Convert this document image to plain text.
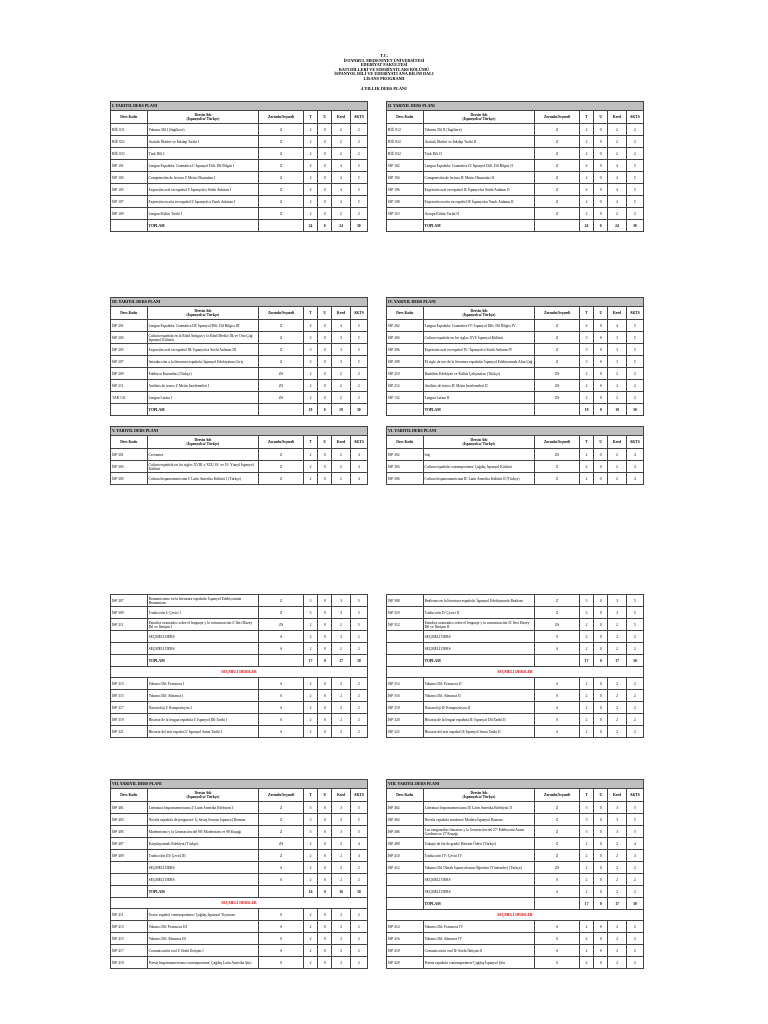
T.C.
İSTANBUL MEDENİYET ÜNİVERSİTESİ
EDEBİYAT FAKÜLTESİ
BATI DİLLERİ VE EDEBİYATLARI BÖLÜMÜ
İSPANYOL DİLİ VE EDEBİYATI ANA BİLİM DALI
LİSANS PROGRAMI
4 YILLIK DERS PLANI
I. YARIYIL DERS PLANI						
Ders Kodu	Dersin Adı
(İspanyolca/ Türkçe)	Zorunlu/Seçmeli	T	U	Kred	AKTS
BİÜ 011	Yabancı Dil I (İngilizce)	Z	2	0	2	2
BİÜ 021	Atatürk İlkeleri ve İnkılap Tarihi I	Z	2	0	2	2
BİÜ 031	Türk Dili I	Z	2	0	2	2
İSP 101	Lengua Española: Gramática I/ İspanyol Dili: Dil Bilgisi I	Z	4	0	4	5
İSP 103	Comprensión de lectura I/ Metin Okumaları I	Z	4	0	4	5
İSP 105	Expresión oral en español I/ İspanyolca Sözlü Anlatım I	Z	4	0	4	5
İSP 107	Expresión escrita en español I/ İspanyolca Yazılı Anlatım I	Z	4	0	4	5
İSP 109	Lengua Kültür Tarihi I	Z	2	0	2	2
	TOPLAM		24	0	24	30
II. YARIYIL DERS PLANI						
Ders Kodu	Dersin Adı
(İspanyolca/ Türkçe)	Zorunlu/Seçmeli	T	U	Kred	AKTS
BİÜ 012	Yabancı Dil II (İngilizce)	Z	2	0	2	2
BİÜ 022	Atatürk İlkeleri ve İnkılap Tarihi II	Z	2	0	2	2
BİÜ 032	Türk Dili II	Z	2	0	2	2
İSP 102	Lengua Española: Gramática II/ İspanyol Dili: Dil Bilgisi II	Z	4	0	4	5
İSP 104	Comprensión de lectura II/ Metin Okumaları II	Z	4	0	4	5
İSP 106	Expresión oral en español II/ İspanyolca Sözlü Anlatım II	Z	4	0	4	5
İSP 108	Expresión escrita en español II/ İspanyolca Yazılı Anlatım II	Z	4	0	4	5
İSP 110	Avrupa Kültür Tarihi II	Z	2	0	2	2
	TOPLAM		24	0	24	30
III. YARIYIL DERS PLANI						
Ders Kodu	Dersin Adı
(İspanyolca/ Türkçe)	Zorunlu/Seçmeli	T	U	Kred	AKTS
İSP 201	Lengua Española: Gramática III/ İspanyol Dili: Dil Bilgisi III	Z	4	0	4	5
İSP 203	Cultura española en la Edad Antigua y la Edad Media/ İlk ve Orta Çağ İspanyol Kültürü	Z	3	0	3	5
İSP 205	Expresión oral en español III/ İspanyolca Sözlü Anlatım III	Z	3	0	3	5
İSP 207	Introducción a la literatura española/ İspanyol Edebiyatına Giriş	Z	3	0	3	5
İSP 209	Edebiyat Kuramları (Türkçe)	ZS	2	0	2	2
İSP 211	Análisis de textos I/ Metin İncelemeleri I	ZS	2	0	2	2
TAR 131	Lengua Latina I	ZS	2	0	2	2
	TOPLAM		19	0	19	30
IV. YARIYIL DERS PLANI						
Ders Kodu	Dersin Adı
(İspanyolca/ Türkçe)	Zorunlu/Seçmeli	T	U	Kred	AKTS
İSP 202	Lengua Española: Gramática IV/ İspanyol Dili: Dil Bilgisi IV	Z	4	0	4	5
İSP 204	Cultura española en los siglos XVI/ İspanyol Kültürü	Z	3	0	3	5
İSP 206	Expresión oral en español IV/ İspanyolca Sözlü Anlatım IV	Z	3	0	3	5
İSP 208	El siglo de oro de la literatura española/ İspanyol Edebiyatında Altın Çağ	Z	3	0	3	5
İSP 210	Rusbilim Edebiyatı ve Kültür Çalışmaları (Türkçe)	ZS	2	0	2	2
İSP 212	Análisis de textos II/ Metin İncelemeleri II	ZS	2	0	2	2
İSP 132	Lengua Latina II	ZS	2	0	2	2
	TOPLAM		19	0	19	30
V. YARIYIL DERS PLANI						
Ders Kodu	Dersin Adı
(İspanyolca/ Türkçe)	Zorunlu/Seçmeli	T	U	Kred	AKTS
İSP 301	Cervantes	Z	2	0	2	4
İSP 303	Cultura española en los siglos XVIII y XIX/ 18. ve 19. Yüzyıl İspanyol Kültürü	Z	2	0	2	4
İSP 305	Cultura hispanoamericana I/ Latin Amerika Kültürü I (Türkçe)	Z	2	0	2	4
VI. YARIYIL DERS PLANI						
Ders Kodu	Dersin Adı
(İspanyolca/ Türkçe)	Zorunlu/Seçmeli	T	U	Kred	AKTS
İSP 302	Staj	ZS	2	0	2	4
İSP 304	Cultura española contemporánea/ Çağdaş İspanyol Kültürü	Z	2	0	2	4
İSP 306	Cultura hispanoamericana II/ Latin Amerika Kültürü II (Türkçe)	Z	2	0	2	4
İSP 307	Romanticismo en la literatura española/ İspanyol Edebiyatında Romantizm	Z	3	0	3	5
İSP 309	Traducción I/ Çeviri I	Z	3	0	3	5
İSP 311	Estudios avanzados sobre el lenguaje y la comunicación I/ İleri Düzey Dil ve İletişim I	ZS	2	0	2	5
	SEÇMELİ DERS	S	2	0	2	2
	SEÇMELİ DERS	S	2	0	2	2
	TOPLAM		17	0	17	30
SEÇMELİ DERSLER						
İSP 313	Yabancı Dil: Fransızca I	S	2	0	2	2
İSP 315	Yabancı Dil: Almanca I	S	2	0	2	2
İSP 317	Narratoloji I/ Kompozisyon I	S	2	0	2	2
İSP 319	Historia de la lengua española I/ İspanyol Dil Tarihi I	S	2	0	2	2
İSP 321	Historia del arte español I/ İspanyol Sanat Tarihi I	S	2	0	2	2
İSP 308	Realismo en la literatura española/ İspanyol Edebiyatında Realizm	Z	3	0	3	5
İSP 310	Traducción II/ Çeviri II	Z	3	0	3	5
İSP 312	Estudios avanzados sobre el lenguaje y la comunicación II/ İleri Düzey Dil ve İletişim II	ZS	2	0	2	5
	SEÇMELİ DERS	S	2	0	2	2
	SEÇMELİ DERS	S	2	0	2	2
	TOPLAM		17	0	17	30
SEÇMELİ DERSLER						
İSP 314	Yabancı Dil: Fransızca II	S	2	0	2	2
İSP 316	Yabancı Dil: Almanca II	S	2	0	2	2
İSP 318	Narratoloji II/ Kompozisyon II	S	2	0	2	2
İSP 320	Historia de la lengua española II/ İspanyol Dil Tarihi II	S	2	0	2	2
İSP 322	Historia del arte español II/ İspanyol Sanat Tarihi II	S	2	0	2	2
VII. YARIYIL DERS PLANI						
Ders Kodu	Dersin Adı
(İspanyolca/ Türkçe)	Zorunlu/Seçmeli	T	U	Kred	AKTS
İSP 401	Literatura hispanoamericana I/ Latin Amerika Edebiyatı I	Z	3	0	3	5
İSP 403	Novela española de posguerra/ İç Savaş Sonrası İspanyol Romanı	Z	3	0	3	5
İSP 405	Modernismo y la Generación del 98/ Modernizm ve 98 Kuşağı	Z	3	0	3	5
İSP 407	Karşılaştırmalı Edebiyat (Türkçe)	ZS	2	0	2	4
İSP 409	Traducción III/ Çeviri III	Z	2	0	2	4
	SEÇMELİ DERS	S	2	0	2	2
	SEÇMELİ DERS	S	2	0	2	2
	TOPLAM		16	0	16	30
SEÇMELİ DERSLER						
İSP 411	Teatro español contemporáneo/ Çağdaş İspanyol Tiyatrosu	S	2	0	2	2
İSP 413	Yabancı Dil: Fransızca III	S	2	0	2	2
İSP 415	Yabancı Dil: Almanca III	S	2	0	2	2
İSP 417	Comunicación oral I/ Sözlü İletişim I	S	2	0	2	2
İSP 419	Poesía hispanoamericana contemporánea/ Çağdaş Latin Amerika Şiiri	S	2	0	2	2
VIII. YARIYIL DERS PLANI						
Ders Kodu	Dersin Adı
(İspanyolca/ Türkçe)	Zorunlu/Seçmeli	T	U	Kred	AKTS
İSP 402	Literatura hispanoamericana II/ Latin Amerika Edebiyatı II	Z	3	0	3	5
İSP 404	Novela española moderna/ Modern İspanyol Romanı	Z	3	0	3	5
İSP 406	Las vanguardias literarias y la Generación del 27/ Edebiyatta Avant Gardizm ve 27 Kuşağı	Z	3	0	3	5
İSP 408	Trabajo de fin de grado/ Bitirme Ödevi (Türkçe)	Z	2	0	2	4
İSP 410	Traducción IV/ Çeviri IV	Z	2	0	2	4
İSP 412	Yabancı Dil Olarak İspanyolcanın Öğretimi (Yöntemler) (Türkçe)	ZS	2	0	2	2
	SEÇMELİ DERS	S	2	0	2	2
	SEÇMELİ DERS	S	2	0	2	2
	TOPLAM		17	0	17	30
SEÇMELİ DERSLER						
İSP 414	Yabancı Dil: Fransızca IV	S	2	0	2	2
İSP 416	Yabancı Dil: Almanca IV	S	2	0	2	2
İSP 418	Comunicación oral II/ Sözlü İletişim II	S	2	0	2	2
İSP 420	Poesía española contemporánea/ Çağdaş İspanyol Şiiri	S	2	0	2	2
